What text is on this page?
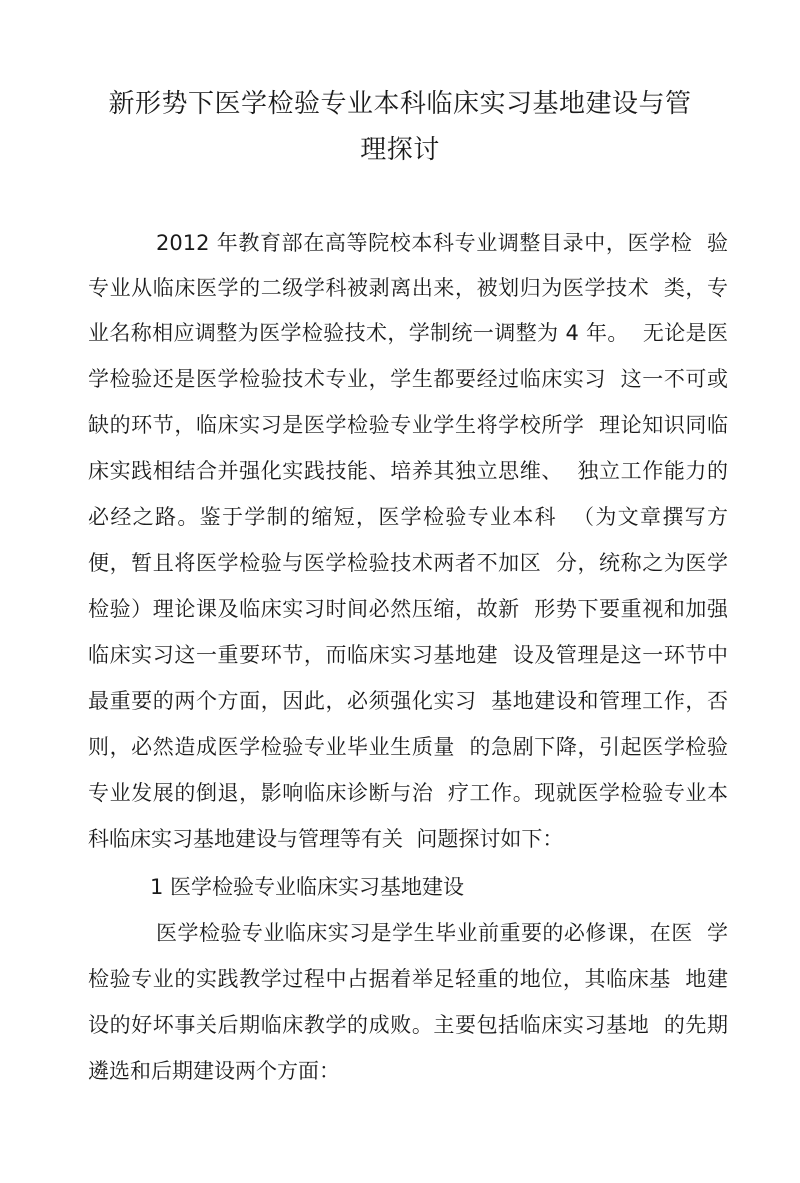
新形势下医学检验专业本科临床实习基地建设与管
理探讨
2012 年教育部在高等院校本科专业调整目录中，医学检  验
专业从临床医学的二级学科被剥离出来，被划归为医学技术  类，专
业名称相应调整为医学检验技术，学制统一调整为 4 年。  无论是医
学检验还是医学检验技术专业，学生都要经过临床实习  这一不可或
缺的环节，临床实习是医学检验专业学生将学校所学  理论知识同临
床实践相结合并强化实践技能、培养其独立思维、  独立工作能力的
必经之路。鉴于学制的缩短，医学检验专业本科  （为文章撰写方
便，暂且将医学检验与医学检验技术两者不加区  分，统称之为医学
检验）理论课及临床实习时间必然压缩，故新  形势下要重视和加强
临床实习这一重要环节，而临床实习基地建  设及管理是这一环节中
最重要的两个方面，因此，必须强化实习  基地建设和管理工作，否
则，必然造成医学检验专业毕业生质量  的急剧下降，引起医学检验
专业发展的倒退，影响临床诊断与治  疗工作。现就医学检验专业本
科临床实习基地建设与管理等有关  问题探讨如下：
1 医学检验专业临床实习基地建设
医学检验专业临床实习是学生毕业前重要的必修课，在医  学
检验专业的实践教学过程中占据着举足轻重的地位，其临床基  地建
设的好坏事关后期临床教学的成败。主要包括临床实习基地  的先期
遴选和后期建设两个方面：
